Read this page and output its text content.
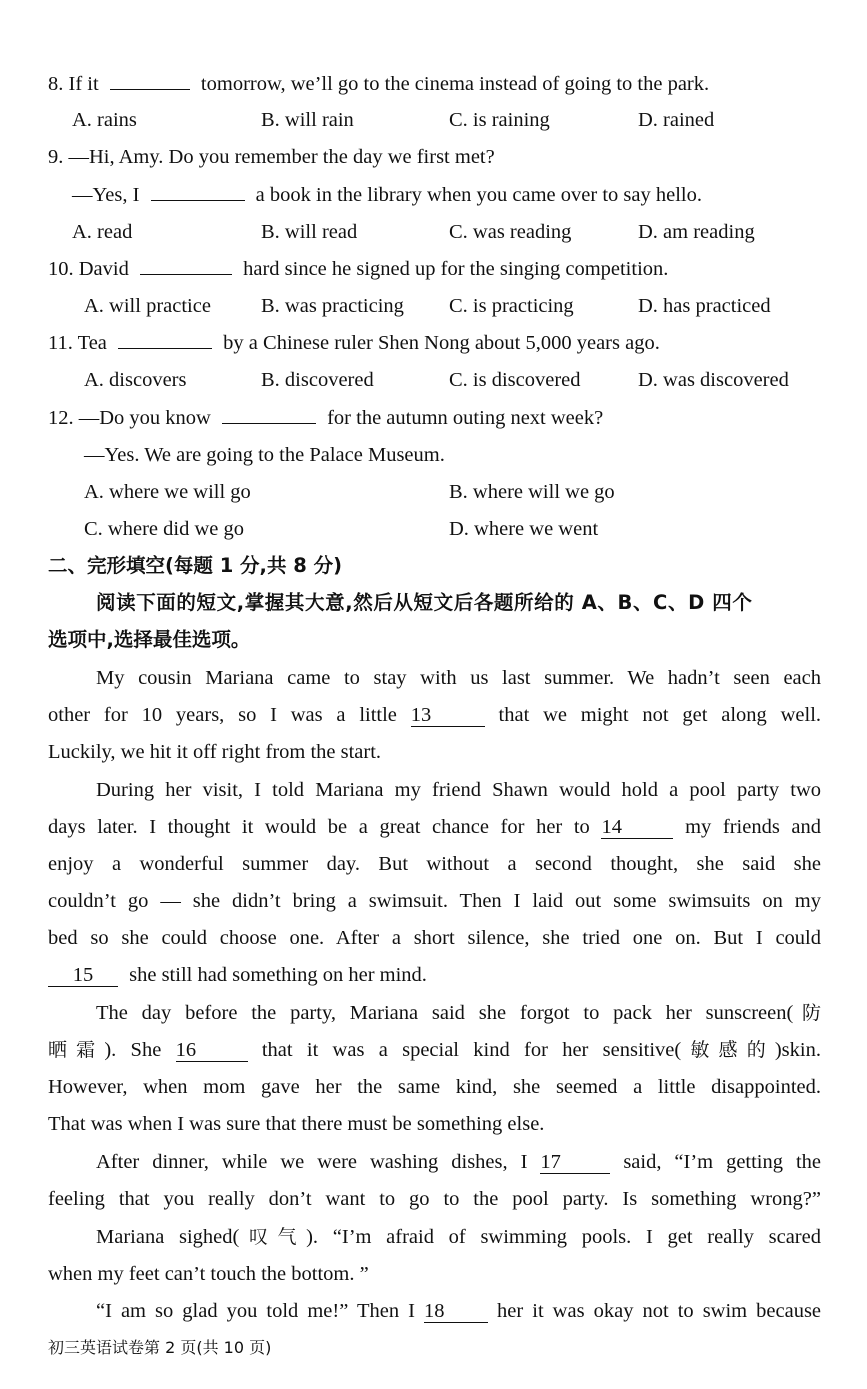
8. If it	tomorrow, we’ll go to the cinema instead of going to the park.
A. rains	B. will rain	C. is raining	D. rained
9. —Hi, Amy. Do you remember the day we first met?
—Yes, I	a book in the library when you came over to say hello.
A. read	B. will read	C. was reading	D. am reading
10. David	hard since he signed up for the singing competition.
A. will practice B. was practicing C. is practicing	D. has practiced
11. Tea	by a Chinese ruler Shen Nong about 5,000 years ago.
A. discovers	B. discovered	C. is discovered	D. was discovered
12. —Do you know	for the autumn outing next week?
—Yes. We are going to the Palace Museum.
A. where we will go	B. where will we go
C. where did we go	D. where we went
二、完形填空(每题 1 分,共 8 分)
阅读下面的短文,掌握其大意,然后从短文后各题所给的 A、B、C、D 四个
选项中,选择最佳选项。
My cousin Mariana came to stay with us last summer. We hadn’t seen each
other for 10 years, so I was a little 13	that we might not get along well.
Luckily, we hit it off right from the start.
During her visit, I told Mariana my friend Shawn would hold a pool party two
days later. I thought it would be a great chance for her to 14	my friends and
enjoy a wonderful summer day. But without a second thought, she said she
couldn’t go — she didn’t bring a swimsuit. Then I laid out some swimsuits on my
bed so she could choose one. After a short silence, she tried one on. But I could
15 she still had something on her mind.
The day before the party, Mariana said she forgot to pack her sunscreen(防
晒霜). She 16	that it was a special kind for her sensitive(敏感的)skin.
However, when mom gave her the same kind, she seemed a little disappointed.
That was when I was sure that there must be something else.
After dinner, while we were washing dishes, I 17	said, “I’m getting the
feeling that you really don’t want to go to the pool party. Is something wrong?”
Mariana sighed(叹气). “I’m afraid of swimming pools. I get really scared
when my feet can’t touch the bottom. ”
“I am so glad you told me!” Then I 18	her it was okay not to swim because
初三英语试卷第 2 页(共 10 页)
